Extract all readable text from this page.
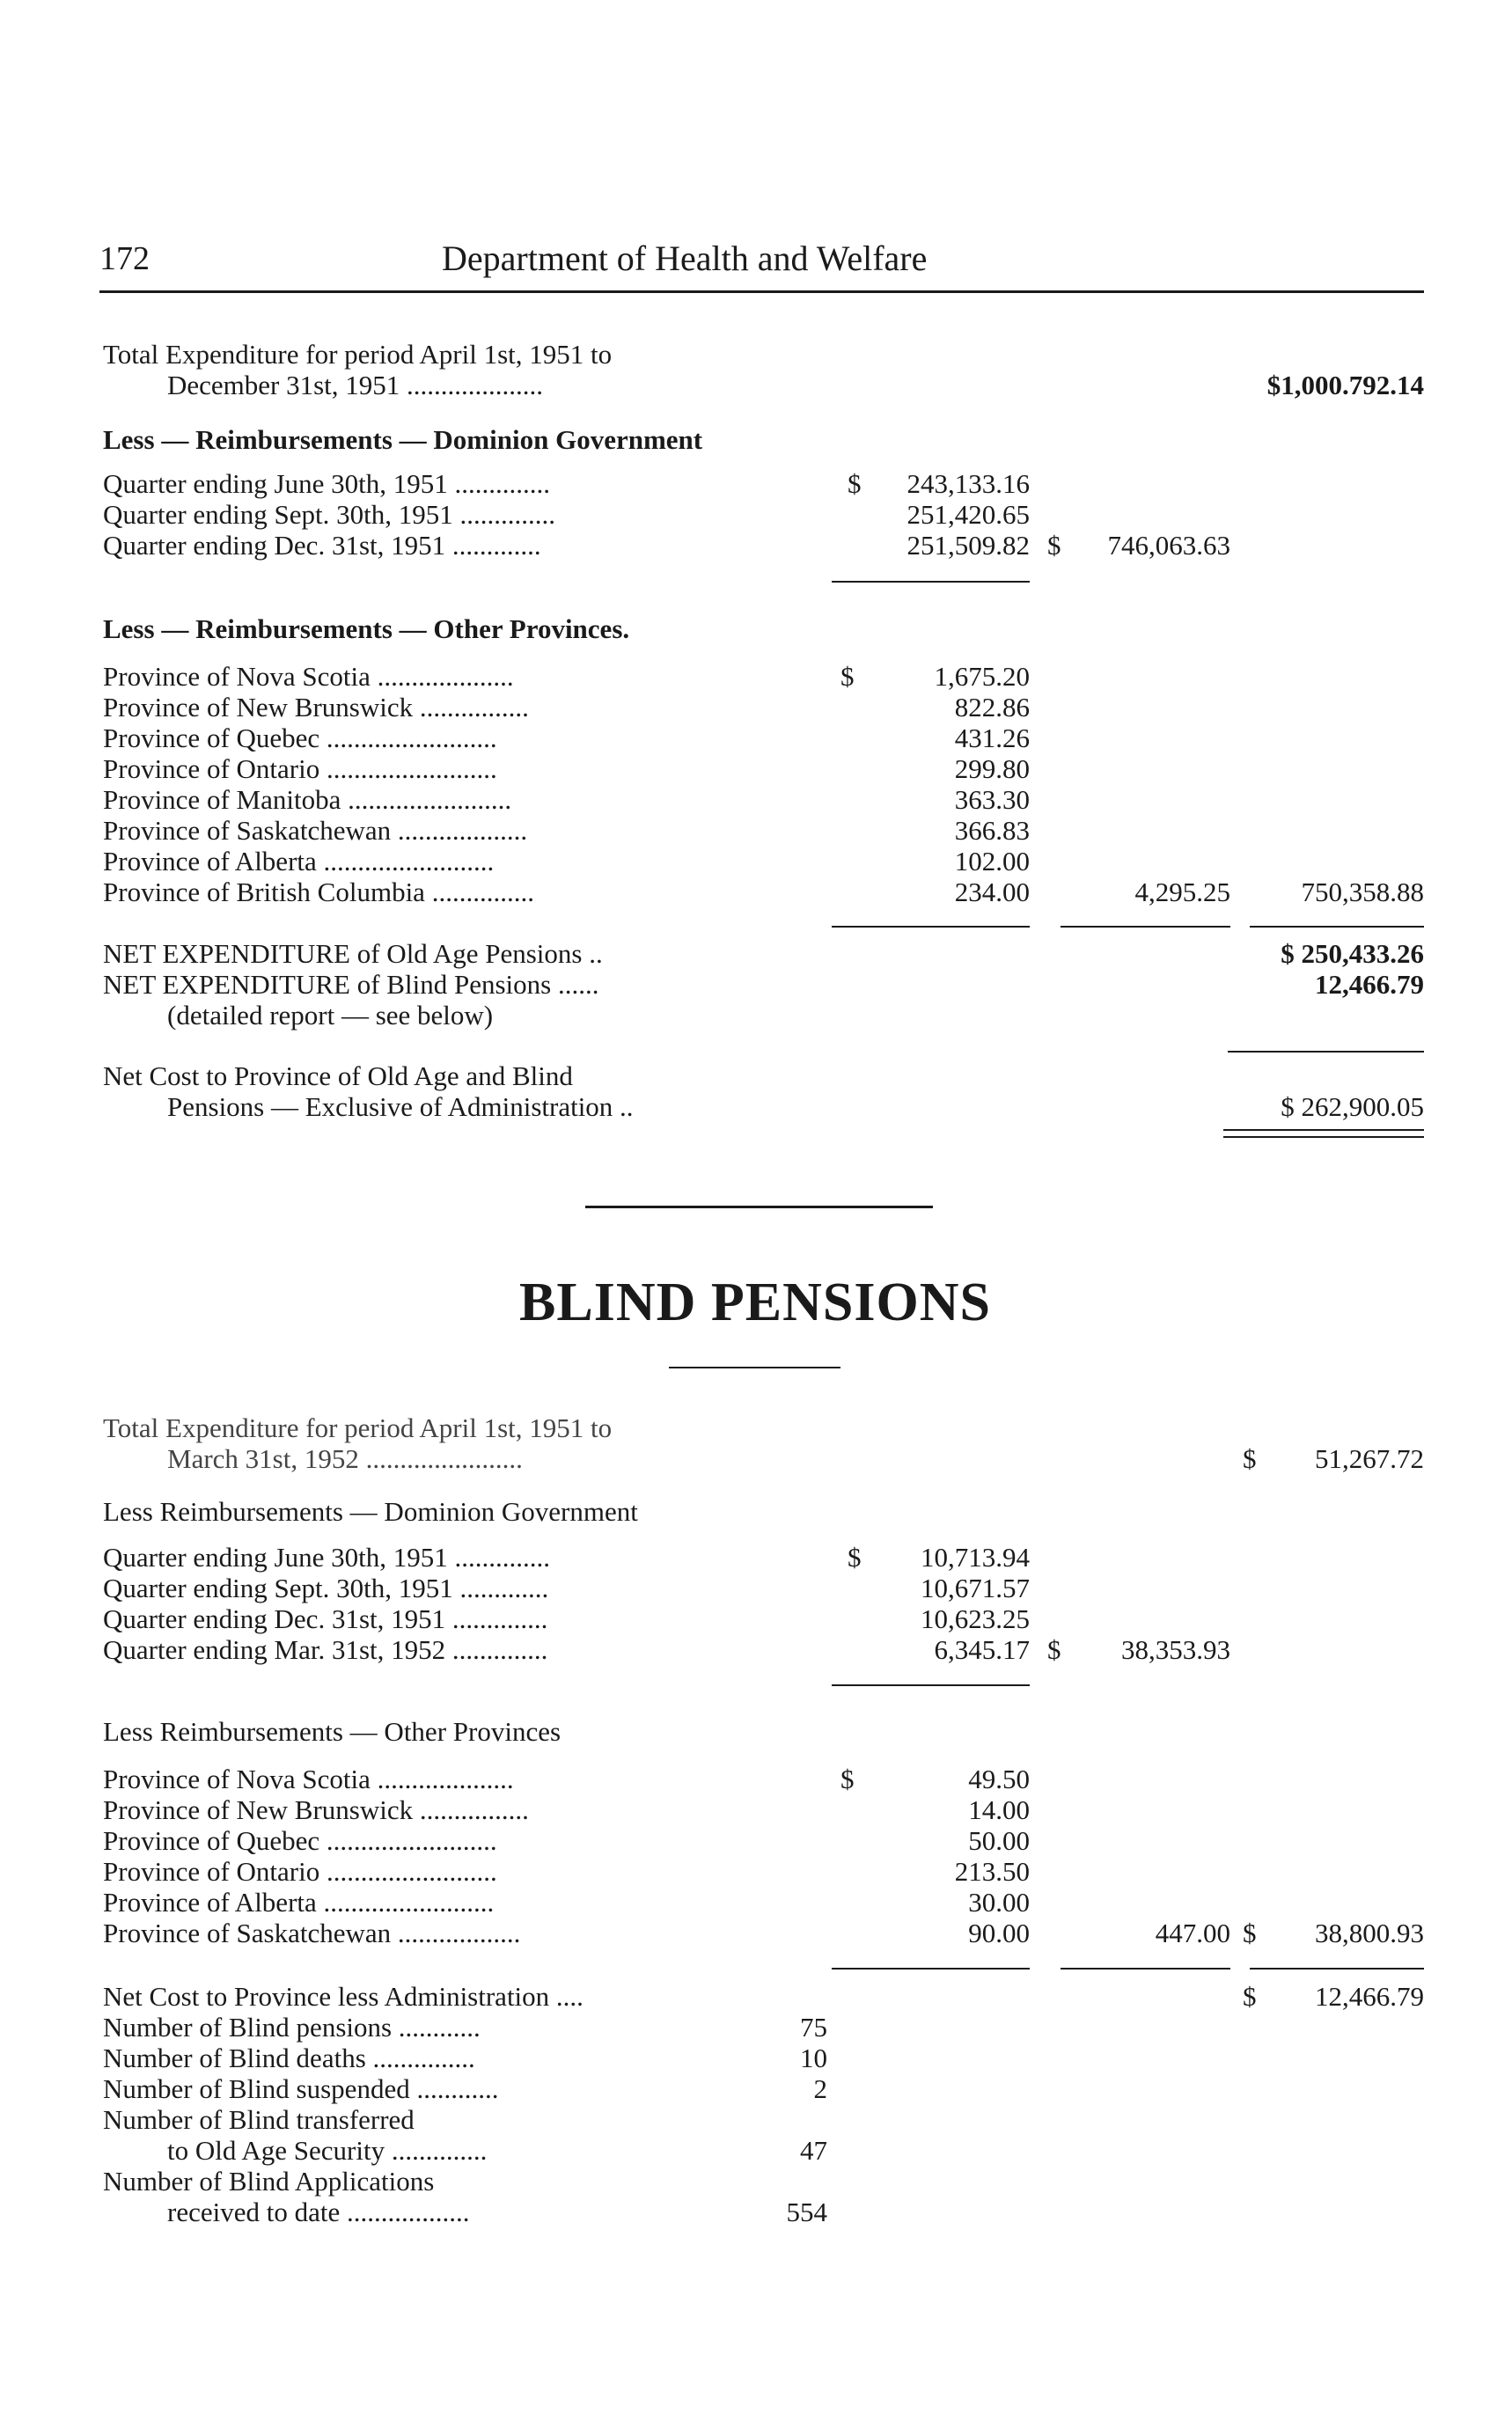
172	Department of Health and Welfare
Total Expenditure for period April 1st, 1951 to
December 31st, 1951 ....................	$1,000.792.14
Less — Reimbursements — Dominion Government
Quarter ending June 30th, 1951 ..............	$	243,133.16
Quarter ending Sept. 30th, 1951 ..............	251,420.65
Quarter ending Dec. 31st, 1951 .............	251,509.82 $	746,063.63
Less — Reimbursements — Other Provinces.
Province of Nova Scotia ....................	$	1,675.20
Province of New Brunswick ................	822.86
Province of Quebec .........................	431.26
Province of Ontario .........................	299.80
Province of Manitoba ........................	363.30
Province of Saskatchewan ...................	366.83
Province of Alberta .........................	102.00
Province of British Columbia ...............	234.00	4,295.25	750,358.88
NET EXPENDITURE of Old Age Pensions ..	$ 250,433.26
NET EXPENDITURE of Blind Pensions ......	12,466.79
(detailed report — see below)
Net Cost to Province of Old Age and Blind
Pensions — Exclusive of Administration ..	$ 262,900.05
BLIND PENSIONS
Total Expenditure for period April 1st, 1951 to
March 31st, 1952 .......................	$	51,267.72
Less Reimbursements — Dominion Government
Quarter ending June 30th, 1951 ..............	$	10,713.94
Quarter ending Sept. 30th, 1951 .............	10,671.57
Quarter ending Dec. 31st, 1951 ..............	10,623.25
Quarter ending Mar. 31st, 1952 ..............	6,345.17 $	38,353.93
Less Reimbursements — Other Provinces
Province of Nova Scotia ....................	$	49.50
Province of New Brunswick ................	14.00
Province of Quebec .........................	50.00
Province of Ontario .........................	213.50
Province of Alberta .........................	30.00
Province of Saskatchewan ..................	90.00	447.00 $	38,800.93
Net Cost to Province less Administration ....	$	12,466.79
Number of Blind pensions ............	75
Number of Blind deaths ...............	10
Number of Blind suspended ............	2
Number of Blind transferred
to Old Age Security ..............	47
Number of Blind Applications
received to date ..................	554
